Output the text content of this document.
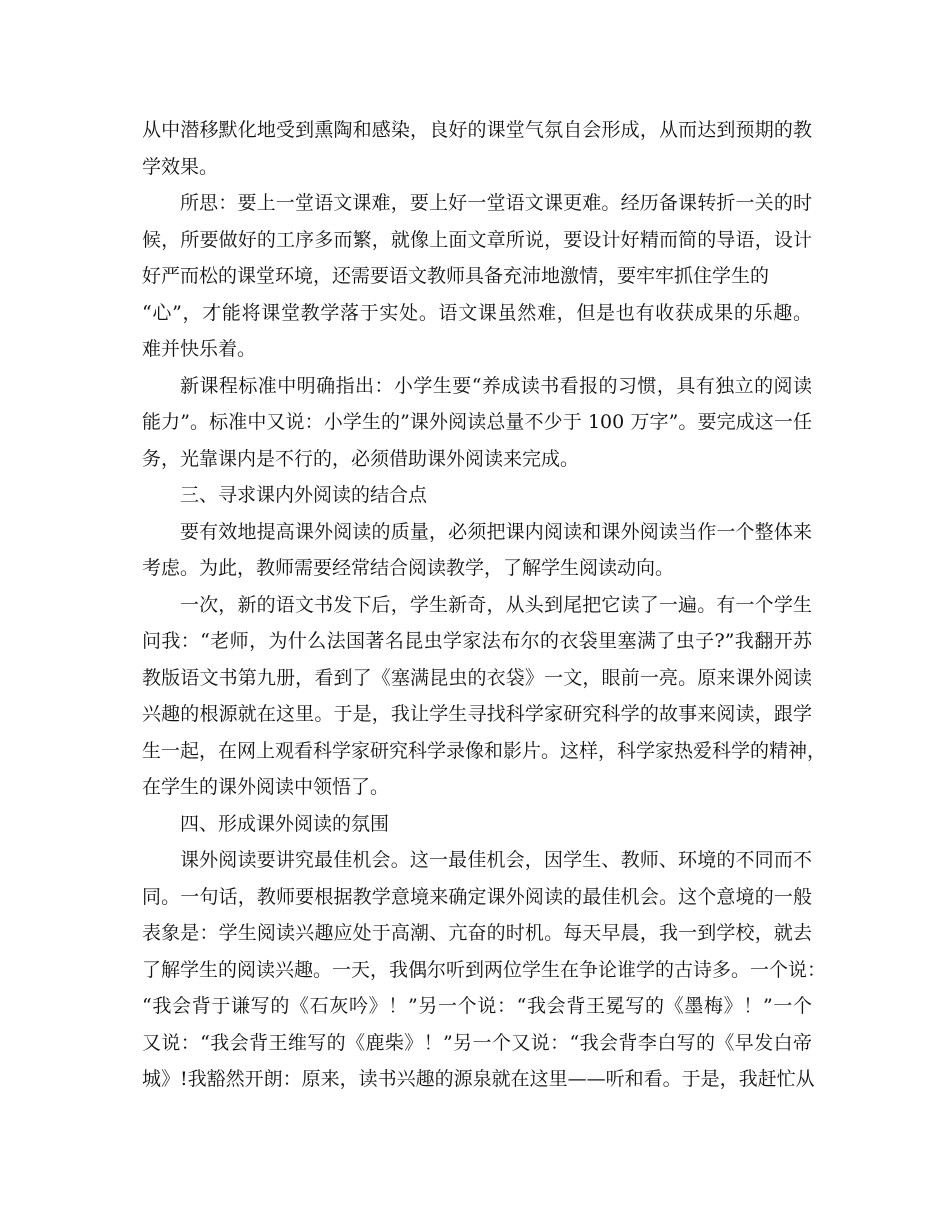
从中潜移默化地受到熏陶和感染，良好的课堂气氛自会形成，从而达到预期的教
学效果。
所思：要上一堂语文课难，要上好一堂语文课更难。经历备课转折一关的时
候，所要做好的工序多而繁，就像上面文章所说，要设计好精而简的导语，设计
好严而松的课堂环境，还需要语文教师具备充沛地激情，要牢牢抓住学生的
“心”，才能将课堂教学落于实处。语文课虽然难，但是也有收获成果的乐趣。
难并快乐着。
新课程标准中明确指出：小学生要“养成读书看报的习惯，具有独立的阅读
能力”。标准中又说：小学生的”课外阅读总量不少于 100 万字”。要完成这一任
务，光靠课内是不行的，必须借助课外阅读来完成。
三、寻求课内外阅读的结合点
要有效地提高课外阅读的质量，必须把课内阅读和课外阅读当作一个整体来
考虑。为此，教师需要经常结合阅读教学，了解学生阅读动向。
一次，新的语文书发下后，学生新奇，从头到尾把它读了一遍。有一个学生
问我：“老师，为什么法国著名昆虫学家法布尔的衣袋里塞满了虫子?”我翻开苏
教版语文书第九册，看到了《塞满昆虫的衣袋》一文，眼前一亮。原来课外阅读
兴趣的根源就在这里。于是，我让学生寻找科学家研究科学的故事来阅读，跟学
生一起，在网上观看科学家研究科学录像和影片。这样，科学家热爱科学的精神，
在学生的课外阅读中领悟了。
四、形成课外阅读的氛围
课外阅读要讲究最佳机会。这一最佳机会，因学生、教师、环境的不同而不
同。一句话，教师要根据教学意境来确定课外阅读的最佳机会。这个意境的一般
表象是：学生阅读兴趣应处于高潮、亢奋的时机。每天早晨，我一到学校，就去
了解学生的阅读兴趣。一天，我偶尔听到两位学生在争论谁学的古诗多。一个说：
“我会背于谦写的《石灰吟》！”另一个说：“我会背王冕写的《墨梅》！”一个
又说：“我会背王维写的《鹿柴》！”另一个又说：“我会背李白写的《早发白帝
城》!我豁然开朗：原来，读书兴趣的源泉就在这里——听和看。于是，我赶忙从
